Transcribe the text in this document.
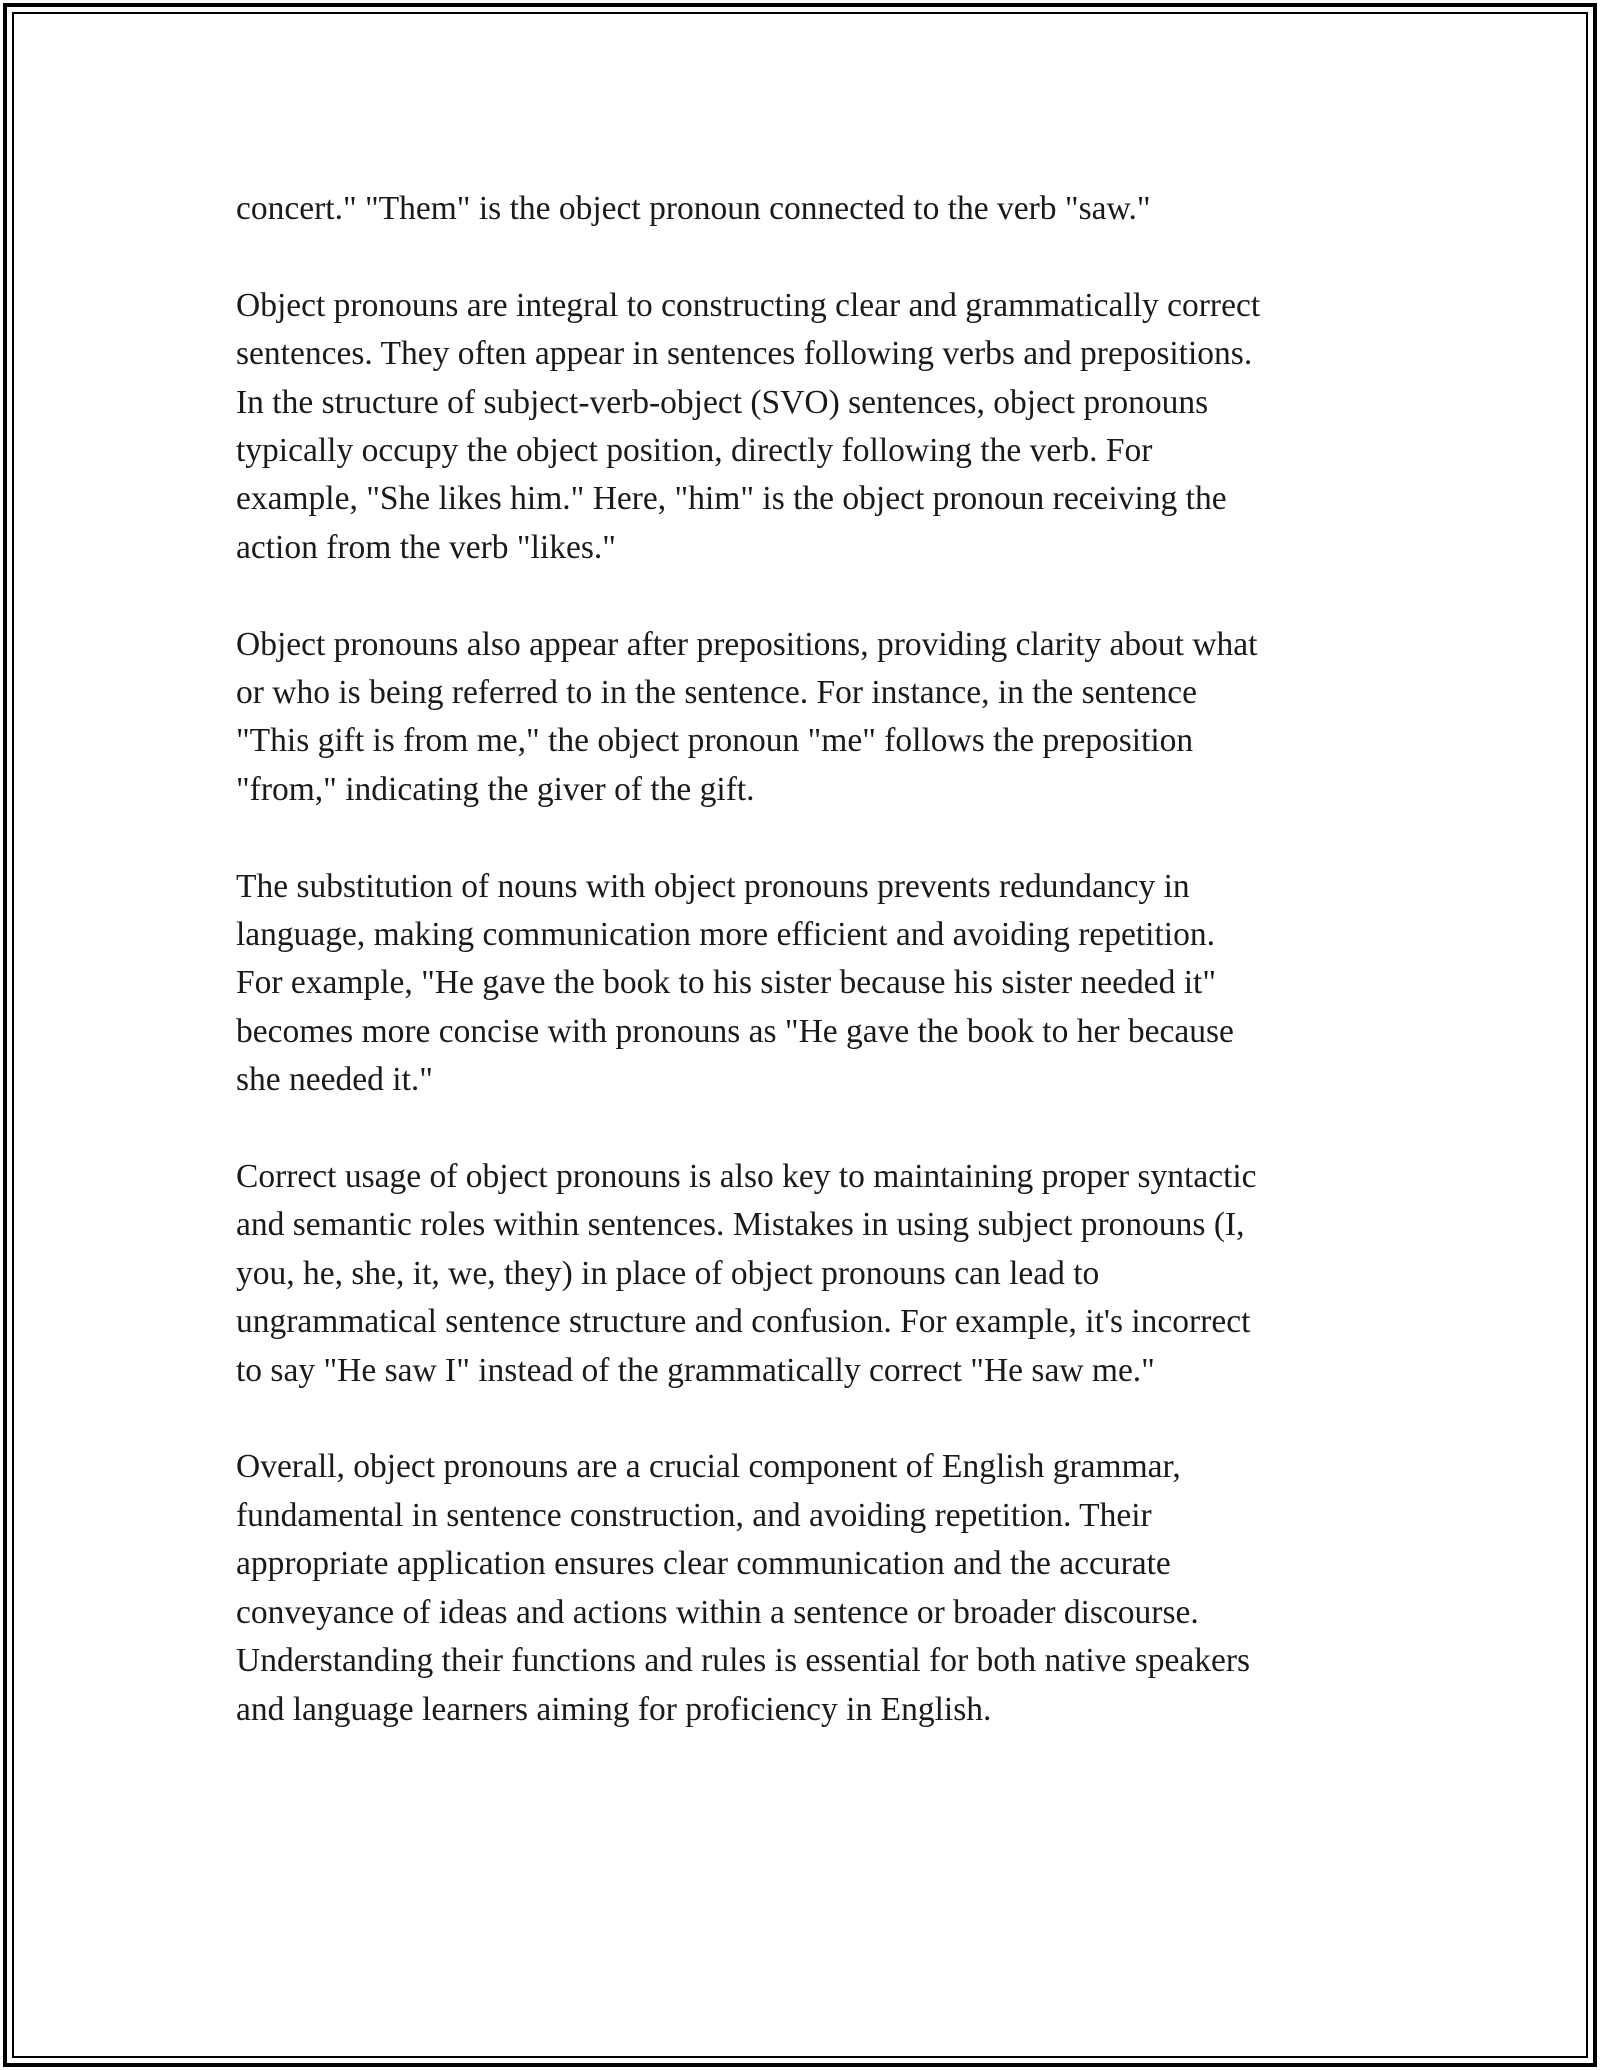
concert." "Them" is the object pronoun connected to the verb "saw."

Object pronouns are integral to constructing clear and grammatically correct
sentences. They often appear in sentences following verbs and prepositions.
In the structure of subject-verb-object (SVO) sentences, object pronouns
typically occupy the object position, directly following the verb. For
example, "She likes him." Here, "him" is the object pronoun receiving the
action from the verb "likes."

Object pronouns also appear after prepositions, providing clarity about what
or who is being referred to in the sentence. For instance, in the sentence
"This gift is from me," the object pronoun "me" follows the preposition
"from," indicating the giver of the gift.

The substitution of nouns with object pronouns prevents redundancy in
language, making communication more efficient and avoiding repetition.
For example, "He gave the book to his sister because his sister needed it"
becomes more concise with pronouns as "He gave the book to her because
she needed it."

Correct usage of object pronouns is also key to maintaining proper syntactic
and semantic roles within sentences. Mistakes in using subject pronouns (I,
you, he, she, it, we, they) in place of object pronouns can lead to
ungrammatical sentence structure and confusion. For example, it's incorrect
to say "He saw I" instead of the grammatically correct "He saw me."

Overall, object pronouns are a crucial component of English grammar,
fundamental in sentence construction, and avoiding repetition. Their
appropriate application ensures clear communication and the accurate
conveyance of ideas and actions within a sentence or broader discourse.
Understanding their functions and rules is essential for both native speakers
and language learners aiming for proficiency in English.
